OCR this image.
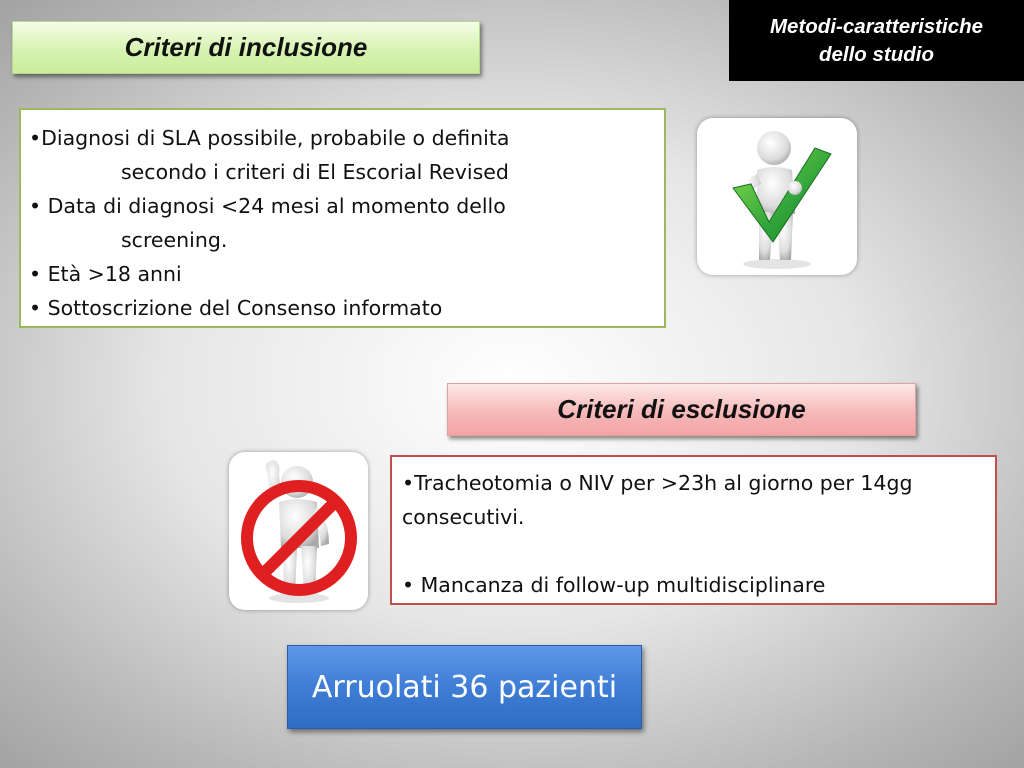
Metodi-caratteristiche
dello studio
Criteri di inclusione
•Diagnosi di SLA possibile, probabile o definita
secondo i criteri di El Escorial Revised
• Data di diagnosi <24 mesi al momento dello
screening.
• Età >18 anni
• Sottoscrizione del Consenso informato
Criteri di esclusione
•Tracheotomia o NIV per >23h al giorno per 14gg
consecutivi.
• Mancanza di follow-up multidisciplinare
Arruolati 36 pazienti
